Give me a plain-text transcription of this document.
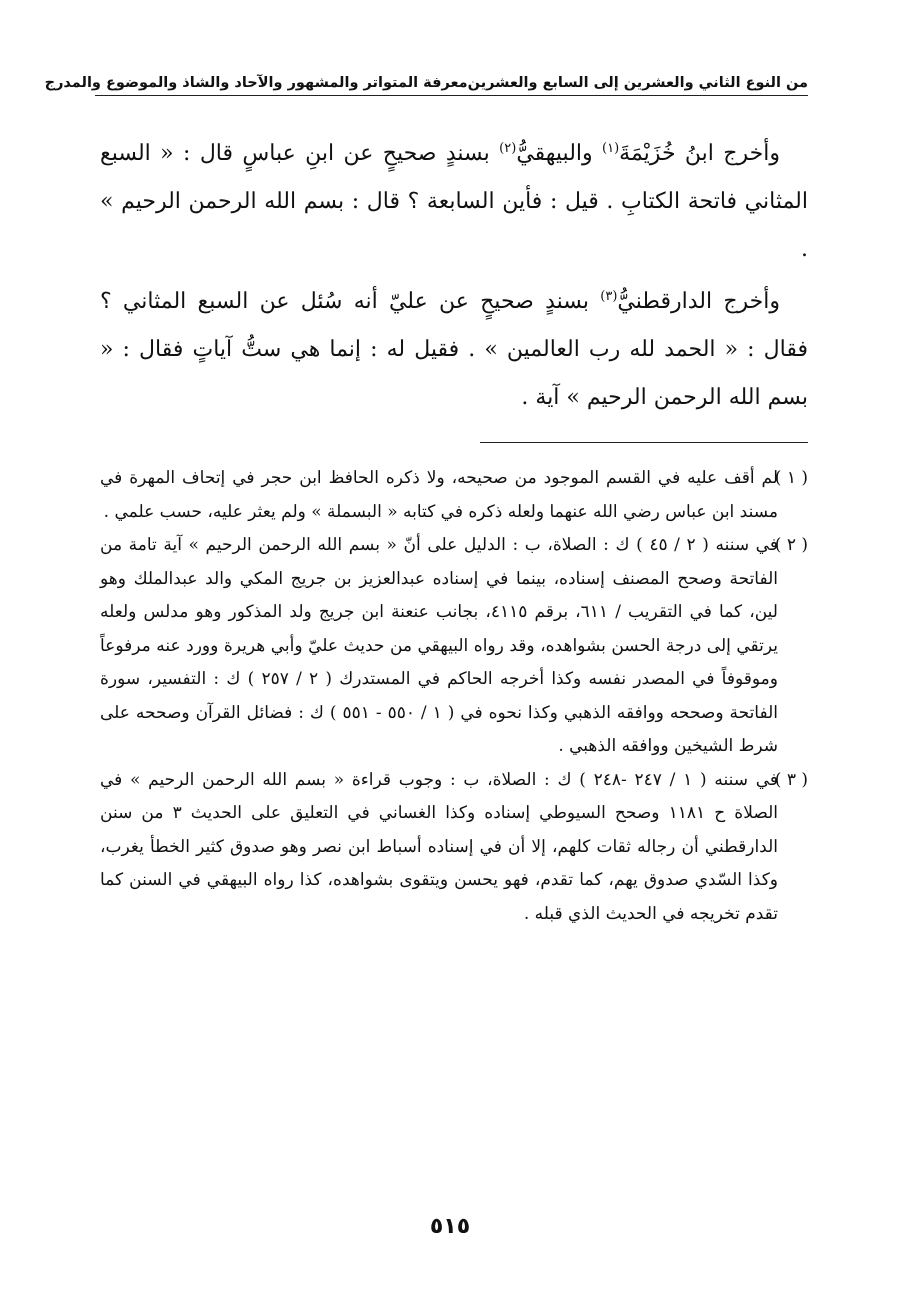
من النوع الثاني والعشرين إلى السابع والعشرين
معرفة المتواتر والمشهور والآحاد والشاذ والموضوع والمدرج

وأخرج ابنُ خُزَيْمَةَ$^{(١)}$ والبيهقيُّ$^{(٢)}$ بسندٍ صحيحٍ عن ابنِ عباسٍ قال : « السبع المثاني فاتحة الكتابِ . قيل : فأين السابعة ؟ قال : بسم الله الرحمن الرحيم » .

وأخرج الدارقطنيُّ$^{(٣)}$ بسندٍ صحيحٍ عن عليّ أنه سُئل عن السبع المثاني ؟ فقال : « الحمد لله رب العالمين » . فقيل له : إنما هي ستُّ آياتٍ فقال : « بسم الله الرحمن الرحيم » آية .

( ١ )
لم أقف عليه في القسم الموجود من صحيحه، ولا ذكره الحافظ ابن حجر في إتحاف المهرة في مسند ابن عباس رضي الله عنهما ولعله ذكره في كتابه « البسملة » ولم يعثر عليه، حسب علمي .
( ٢ )
في سننه ( ٢ / ٤٥ ) ك : الصلاة، ب : الدليل على أنّ « بسم الله الرحمن الرحيم » آية تامة من الفاتحة وصحح المصنف إسناده، بينما في إسناده عبدالعزيز بن جريج المكي والد عبدالملك وهو لين، كما في التقريب / ٦١١، برقم ٤١١٥، بجانب عنعنة ابن جريج ولد المذكور وهو مدلس ولعله يرتقي إلى درجة الحسن بشواهده، وقد رواه البيهقي من حديث عليّ وأبي هريرة وورد عنه مرفوعاً وموقوفاً في المصدر نفسه وكذا أخرجه الحاكم في المستدرك ( ٢ / ٢٥٧ ) ك : التفسير، سورة الفاتحة وصححه ووافقه الذهبي وكذا نحوه في ( ١ / ٥٥٠ - ٥٥١ ) ك : فضائل القرآن وصححه على شرط الشيخين ووافقه الذهبي .
( ٣ )
في سننه ( ١ / ٢٤٧ -٢٤٨ ) ك : الصلاة، ب : وجوب قراءة « بسم الله الرحمن الرحيم » في الصلاة ح ١١٨١ وصحح السيوطي إسناده وكذا الغساني في التعليق على الحديث ٣ من سنن الدارقطني أن رجاله ثقات كلهم، إلا أن في إسناده أسباط ابن نصر وهو صدوق كثير الخطأ يغرب، وكذا السّدي صدوق يهم، كما تقدم، فهو يحسن ويتقوى بشواهده، كذا رواه البيهقي في السنن كما تقدم تخريجه في الحديث الذي قبله .
٥١٥
